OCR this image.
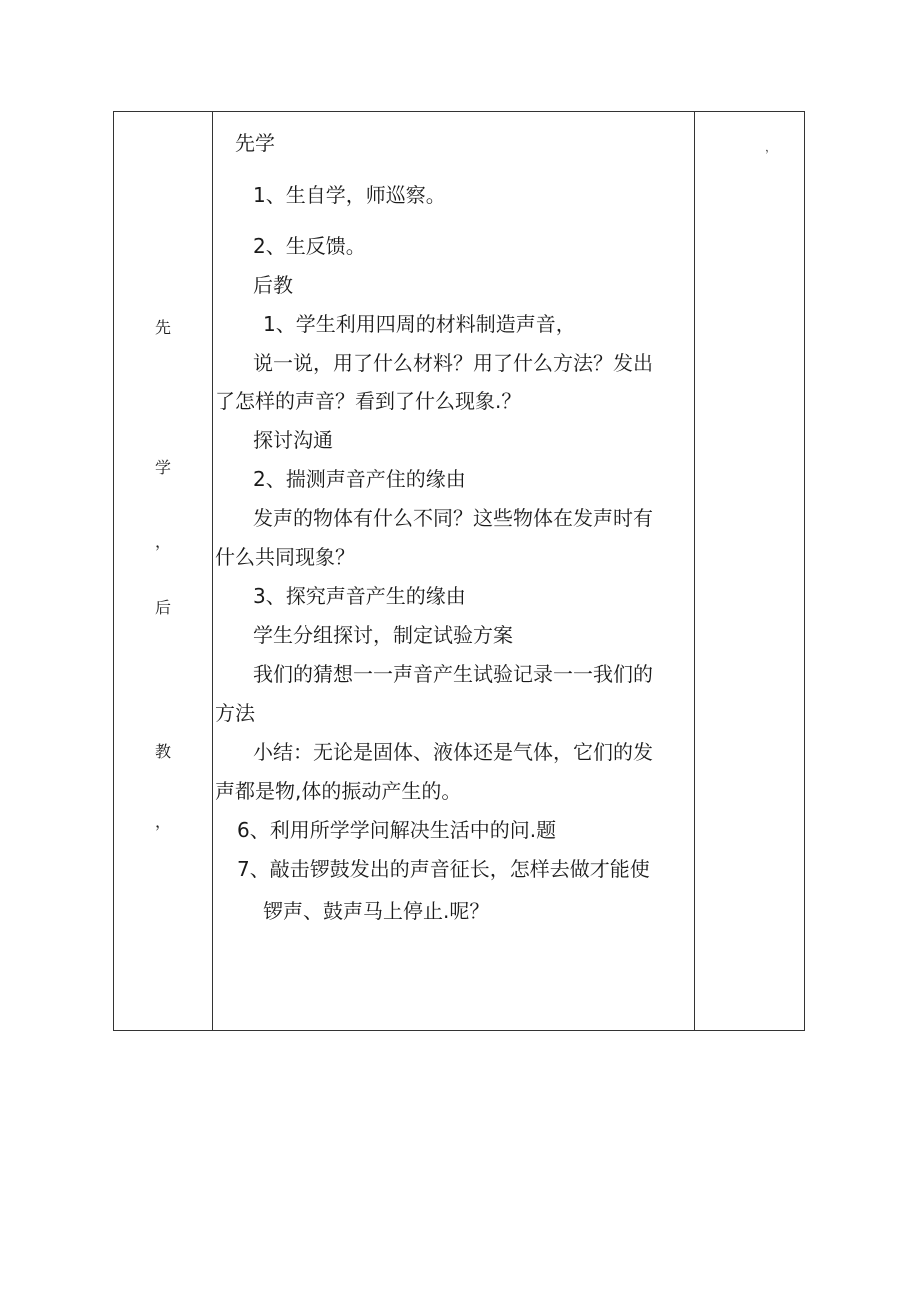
先
学
，
后
教
，
先学
1、生自学，师巡察。
2、生反馈。
后教
1、学生利用四周的材料制造声音，
说一说，用了什么材料？用了什么方法？发出
了怎样的声音？看到了什么现象.？
探讨沟通
2、揣测声音产住的缘由
发声的物体有什么不同？这些物体在发声时有
什么共同现象？
3、探究声音产生的缘由
学生分组探讨，制定试验方案
我们的猜想一一声音产生试验记录一一我们的
方法
小结：无论是固体、液体还是气体，它们的发
声都是物,体的振动产生的。
6、利用所学学问解决生活中的问.题
7、敲击锣鼓发出的声音征长，怎样去做才能使
锣声、鼓声马上停止.呢？
，
